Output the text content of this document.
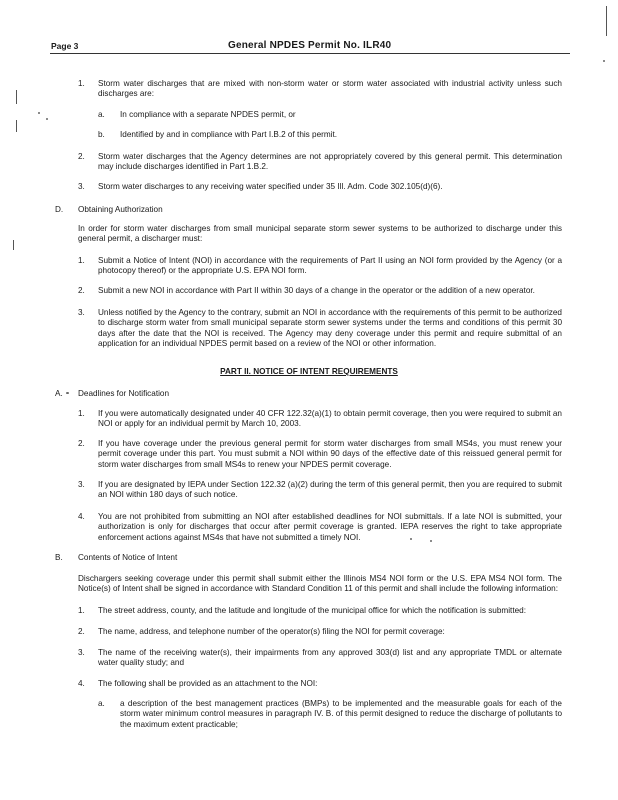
Page 3	General NPDES Permit No. ILR40
1. Storm water discharges that are mixed with non-storm water or storm water associated with industrial activity unless such discharges are:
a. In compliance with a separate NPDES permit, or
b. Identified by and in compliance with Part I.B.2 of this permit.
2. Storm water discharges that the Agency determines are not appropriately covered by this general permit. This determination may include discharges identified in Part 1.B.2.
3. Storm water discharges to any receiving water specified under 35 Ill. Adm. Code 302.105(d)(6).
D. Obtaining Authorization
In order for storm water discharges from small municipal separate storm sewer systems to be authorized to discharge under this general permit, a discharger must:
1. Submit a Notice of Intent (NOI) in accordance with the requirements of Part II using an NOI form provided by the Agency (or a photocopy thereof) or the appropriate U.S. EPA NOI form.
2. Submit a new NOI in accordance with Part II within 30 days of a change in the operator or the addition of a new operator.
3. Unless notified by the Agency to the contrary, submit an NOI in accordance with the requirements of this permit to be authorized to discharge storm water from small municipal separate storm sewer systems under the terms and conditions of this permit 30 days after the date that the NOI is received. The Agency may deny coverage under this permit and require submittal of an application for an individual NPDES permit based on a review of the NOI or other information.
PART II. NOTICE OF INTENT REQUIREMENTS
A. Deadlines for Notification
1. If you were automatically designated under 40 CFR 122.32(a)(1) to obtain permit coverage, then you were required to submit an NOI or apply for an individual permit by March 10, 2003.
2. If you have coverage under the previous general permit for storm water discharges from small MS4s, you must renew your permit coverage under this part. You must submit a NOI within 90 days of the effective date of this reissued general permit for storm water discharges from small MS4s to renew your NPDES permit coverage.
3. If you are designated by IEPA under Section 122.32 (a)(2) during the term of this general permit, then you are required to submit an NOI within 180 days of such notice.
4. You are not prohibited from submitting an NOI after established deadlines for NOI submittals. If a late NOI is submitted, your authorization is only for discharges that occur after permit coverage is granted. IEPA reserves the right to take appropriate enforcement actions against MS4s that have not submitted a timely NOI.
B. Contents of Notice of Intent
Dischargers seeking coverage under this permit shall submit either the Illinois MS4 NOI form or the U.S. EPA MS4 NOI form. The Notice(s) of Intent shall be signed in accordance with Standard Condition 11 of this permit and shall include the following information:
1. The street address, county, and the latitude and longitude of the municipal office for which the notification is submitted:
2. The name, address, and telephone number of the operator(s) filing the NOI for permit coverage:
3. The name of the receiving water(s), their impairments from any approved 303(d) list and any appropriate TMDL or alternate water quality study; and
4. The following shall be provided as an attachment to the NOI:
a. a description of the best management practices (BMPs) to be implemented and the measurable goals for each of the storm water minimum control measures in paragraph IV. B. of this permit designed to reduce the discharge of pollutants to the maximum extent practicable;
